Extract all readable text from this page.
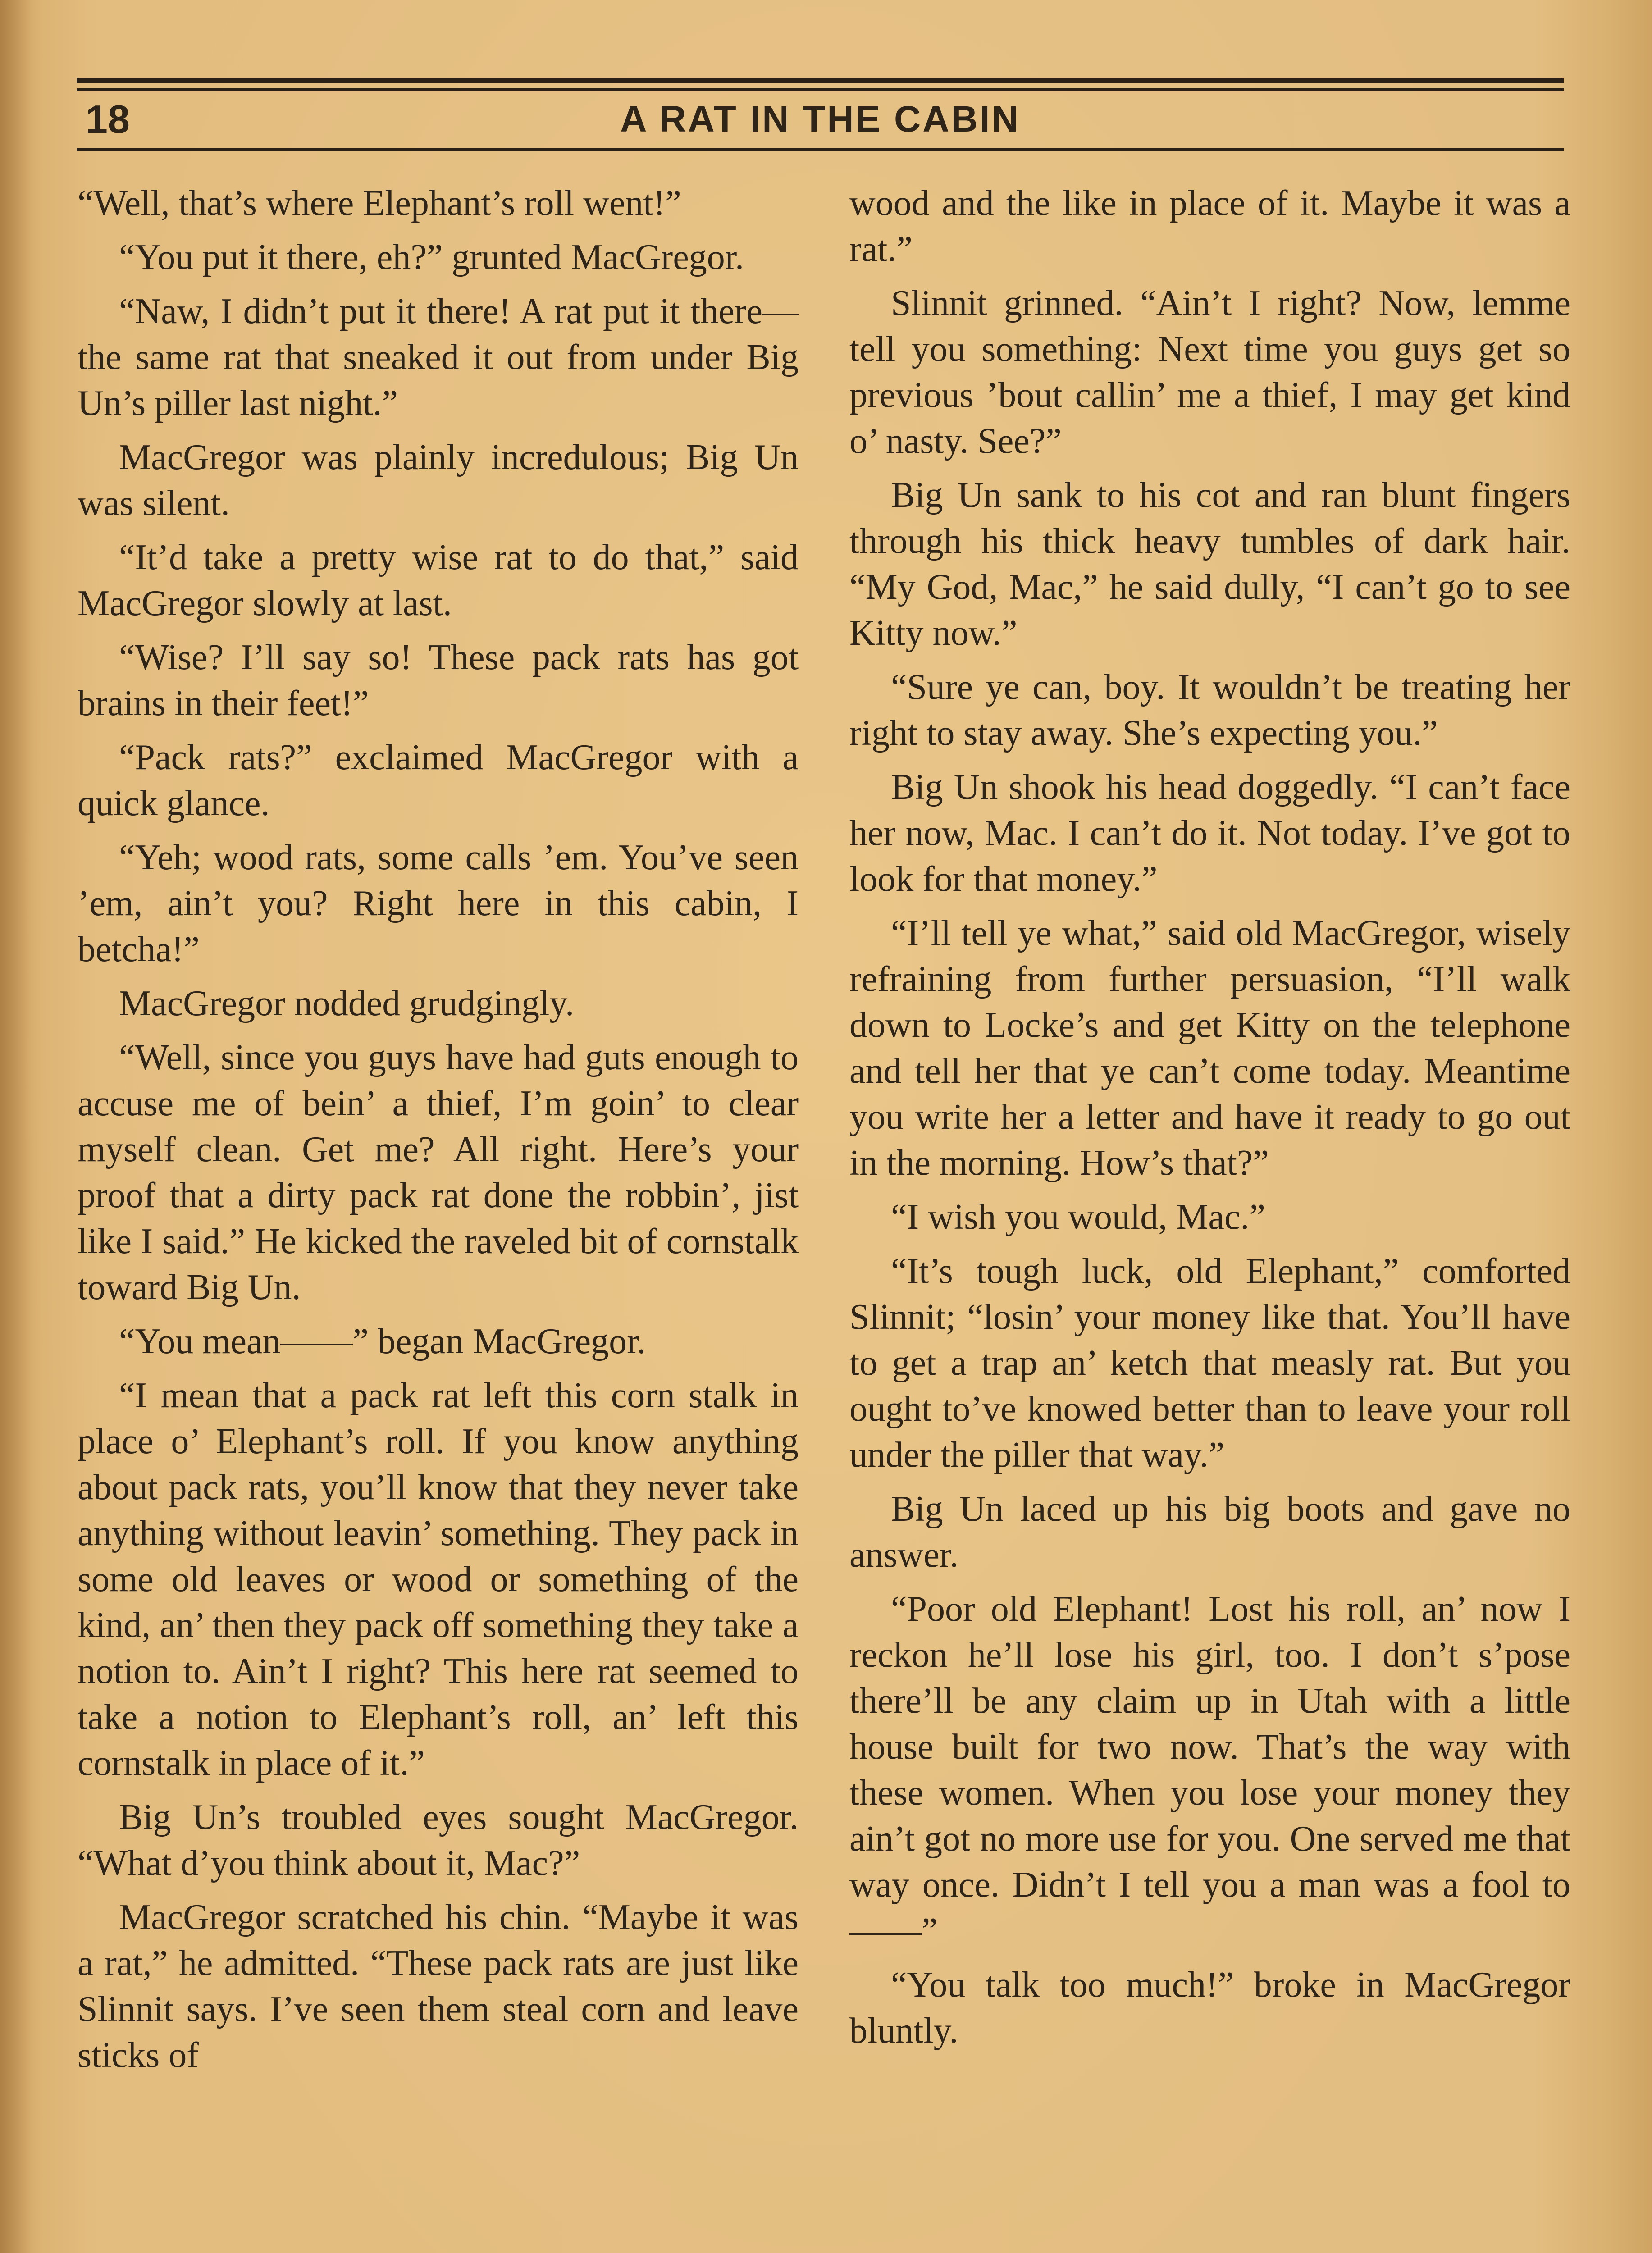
18	A RAT IN THE CABIN

“Well, that’s where Elephant’s roll went!”

“You put it there, eh?” grunted MacGregor.

“Naw, I didn’t put it there! A rat put it there—the same rat that sneaked it out from under Big Un’s piller last night.”

MacGregor was plainly incredulous; Big Un was silent.

“It’d take a pretty wise rat to do that,” said MacGregor slowly at last.

“Wise? I’ll say so! These pack rats has got brains in their feet!”

“Pack rats?” exclaimed MacGregor with a quick glance.

“Yeh; wood rats, some calls ’em. You’ve seen ’em, ain’t you? Right here in this cabin, I betcha!”

MacGregor nodded grudgingly.

“Well, since you guys have had guts enough to accuse me of bein’ a thief, I’m goin’ to clear myself clean. Get me? All right. Here’s your proof that a dirty pack rat done the robbin’, jist like I said.” He kicked the raveled bit of cornstalk toward Big Un.

“You mean——” began MacGregor.

“I mean that a pack rat left this corn stalk in place o’ Elephant’s roll. If you know anything about pack rats, you’ll know that they never take anything without leavin’ something. They pack in some old leaves or wood or something of the kind, an’ then they pack off something they take a notion to. Ain’t I right? This here rat seemed to take a notion to Elephant’s roll, an’ left this cornstalk in place of it.”

Big Un’s troubled eyes sought MacGregor. “What d’you think about it, Mac?”

MacGregor scratched his chin. “Maybe it was a rat,” he admitted. “These pack rats are just like Slinnit says. I’ve seen them steal corn and leave sticks of

wood and the like in place of it. Maybe it was a rat.”

Slinnit grinned. “Ain’t I right? Now, lemme tell you something: Next time you guys get so previous ’bout callin’ me a thief, I may get kind o’ nasty. See?”

Big Un sank to his cot and ran blunt fingers through his thick heavy tumbles of dark hair. “My God, Mac,” he said dully, “I can’t go to see Kitty now.”

“Sure ye can, boy. It wouldn’t be treating her right to stay away. She’s expecting you.”

Big Un shook his head doggedly. “I can’t face her now, Mac. I can’t do it. Not today. I’ve got to look for that money.”

“I’ll tell ye what,” said old MacGregor, wisely refraining from further persuasion, “I’ll walk down to Locke’s and get Kitty on the telephone and tell her that ye can’t come today. Meantime you write her a letter and have it ready to go out in the morning. How’s that?”

“I wish you would, Mac.”

“It’s tough luck, old Elephant,” comforted Slinnit; “losin’ your money like that. You’ll have to get a trap an’ ketch that measly rat. But you ought to’ve knowed better than to leave your roll under the piller that way.”

Big Un laced up his big boots and gave no answer.

“Poor old Elephant! Lost his roll, an’ now I reckon he’ll lose his girl, too. I don’t s’pose there’ll be any claim up in Utah with a little house built for two now. That’s the way with these women. When you lose your money they ain’t got no more use for you. One served me that way once. Didn’t I tell you a man was a fool to——”

“You talk too much!” broke in MacGregor bluntly.
